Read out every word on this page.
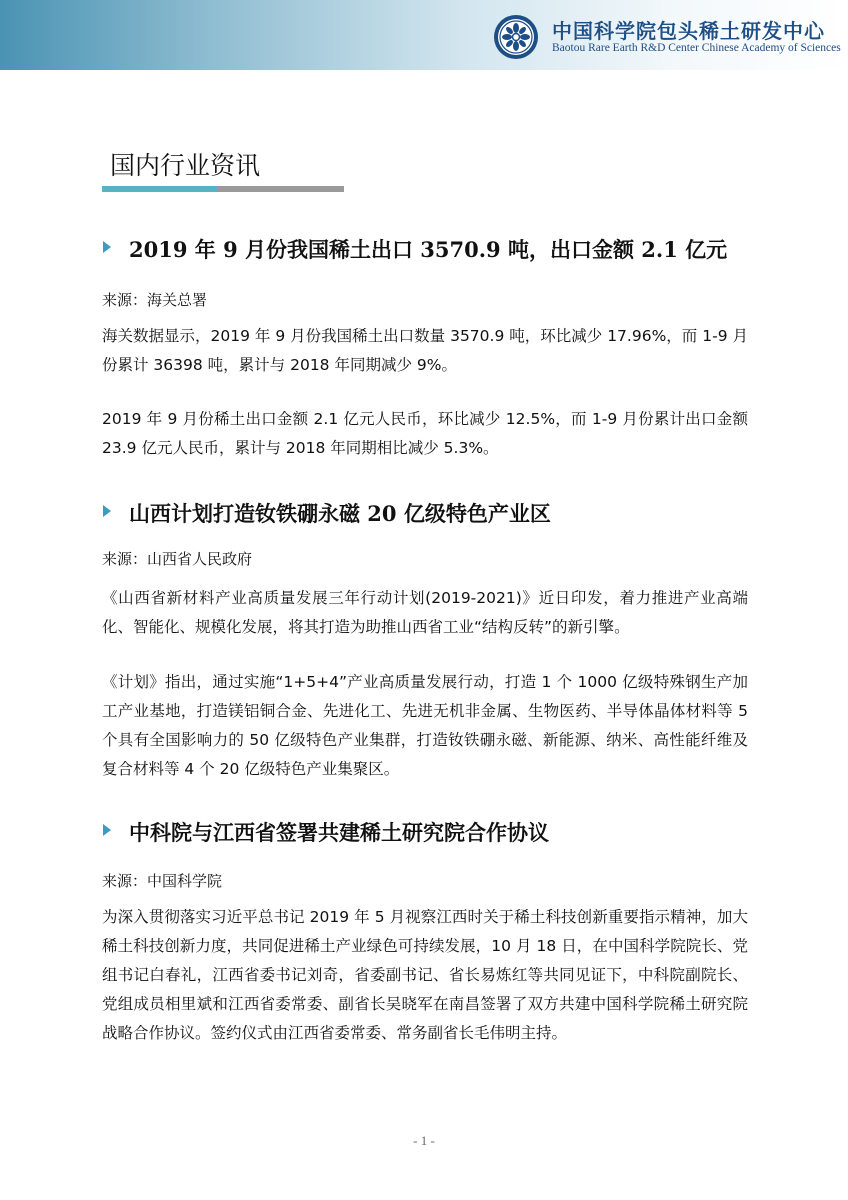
中国科学院包头稀土研发中心
Baotou Rare Earth R&D Center Chinese Academy of Sciences
国内行业资讯
2019 年 9 月份我国稀土出口 3570.9 吨，出口金额 2.1 亿元
来源：海关总署

海关数据显示，2019 年 9 月份我国稀土出口数量 3570.9 吨，环比减少 17.96%，而 1-9 月份累计 36398 吨，累计与 2018 年同期减少 9%。

2019 年 9 月份稀土出口金额 2.1 亿元人民币，环比减少 12.5%，而 1-9 月份累计出口金额 23.9 亿元人民币，累计与 2018 年同期相比减少 5.3%。

山西计划打造钕铁硼永磁 20 亿级特色产业区
来源：山西省人民政府

《山西省新材料产业高质量发展三年行动计划(2019-2021)》近日印发，着力推进产业高端化、智能化、规模化发展，将其打造为助推山西省工业“结构反转”的新引擎。

《计划》指出，通过实施“1+5+4”产业高质量发展行动，打造 1 个 1000 亿级特殊钢生产加工产业基地，打造镁铝铜合金、先进化工、先进无机非金属、生物医药、半导体晶体材料等 5 个具有全国影响力的 50 亿级特色产业集群，打造钕铁硼永磁、新能源、纳米、高性能纤维及复合材料等 4 个 20 亿级特色产业集聚区。

中科院与江西省签署共建稀土研究院合作协议
来源：中国科学院

为深入贯彻落实习近平总书记 2019 年 5 月视察江西时关于稀土科技创新重要指示精神，加大稀土科技创新力度，共同促进稀土产业绿色可持续发展，10 月 18 日，在中国科学院院长、党组书记白春礼，江西省委书记刘奇，省委副书记、省长易炼红等共同见证下，中科院副院长、党组成员相里斌和江西省委常委、副省长吴晓军在南昌签署了双方共建中国科学院稀土研究院战略合作协议。签约仪式由江西省委常委、常务副省长毛伟明主持。

- 1 -
